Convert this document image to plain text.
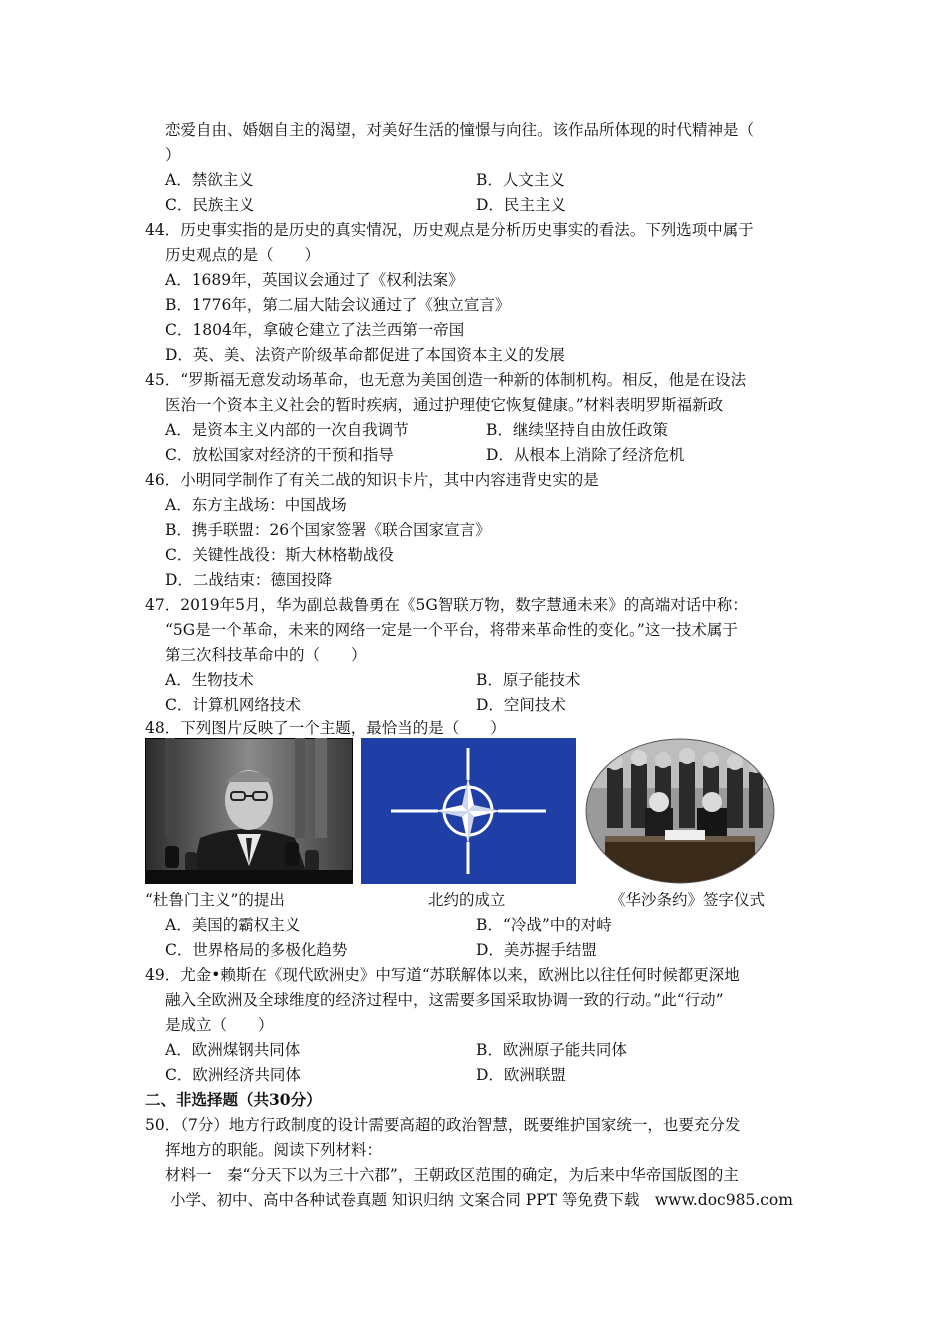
恋爱自由、婚姻自主的渴望，对美好生活的憧憬与向往。该作品所体现的时代精神是（
）
A．禁欲主义	B．人文主义
C．民族主义	D．民主主义
44．历史事实指的是历史的真实情况，历史观点是分析历史事实的看法。下列选项中属于
历史观点的是（　　）
A．1689年，英国议会通过了《权利法案》
B．1776年，第二届大陆会议通过了《独立宣言》
C．1804年，拿破仑建立了法兰西第一帝国
D．英、美、法资产阶级革命都促进了本国资本主义的发展
45．“罗斯福无意发动场革命，也无意为美国创造一种新的体制机构。相反，他是在设法
医治一个资本主义社会的暂时疾病，通过护理使它恢复健康。”材料表明罗斯福新政
A．是资本主义内部的一次自我调节	B．继续坚持自由放任政策
C．放松国家对经济的干预和指导	D．从根本上消除了经济危机
46．小明同学制作了有关二战的知识卡片，其中内容违背史实的是
A．东方主战场：中国战场
B．携手联盟：26个国家签署《联合国家宣言》
C．关键性战役：斯大林格勒战役
D．二战结束：德国投降
47．2019年5月，华为副总裁鲁勇在《5G智联万物，数字慧通未来》的高端对话中称：
“5G是一个革命，未来的网络一定是一个平台，将带来革命性的变化。”这一技术属于
第三次科技革命中的（　　）
A．生物技术	B．原子能技术
C．计算机网络技术	D．空间技术
48．下列图片反映了一个主题，最恰当的是（　　）
“杜鲁门主义”的提出	北约的成立	《华沙条约》签字仪式
A．美国的霸权主义	B．“冷战”中的对峙
C．世界格局的多极化趋势	D．美苏握手结盟
49．尤金•赖斯在《现代欧洲史》中写道“苏联解体以来，欧洲比以往任何时候都更深地
融入全欧洲及全球维度的经济过程中，这需要多国采取协调一致的行动。”此“行动”
是成立（　　）
A．欧洲煤钢共同体	B．欧洲原子能共同体
C．欧洲经济共同体	D．欧洲联盟
二、非选择题（共30分）
50．（7分）地方行政制度的设计需要高超的政治智慧，既要维护国家统一，也要充分发
挥地方的职能。阅读下列材料：
材料一　秦“分天下以为三十六郡”，王朝政区范围的确定，为后来中华帝国版图的主
小学、初中、高中各种试卷真题 知识归纳 文案合同 PPT 等免费下载　www.doc985.com
